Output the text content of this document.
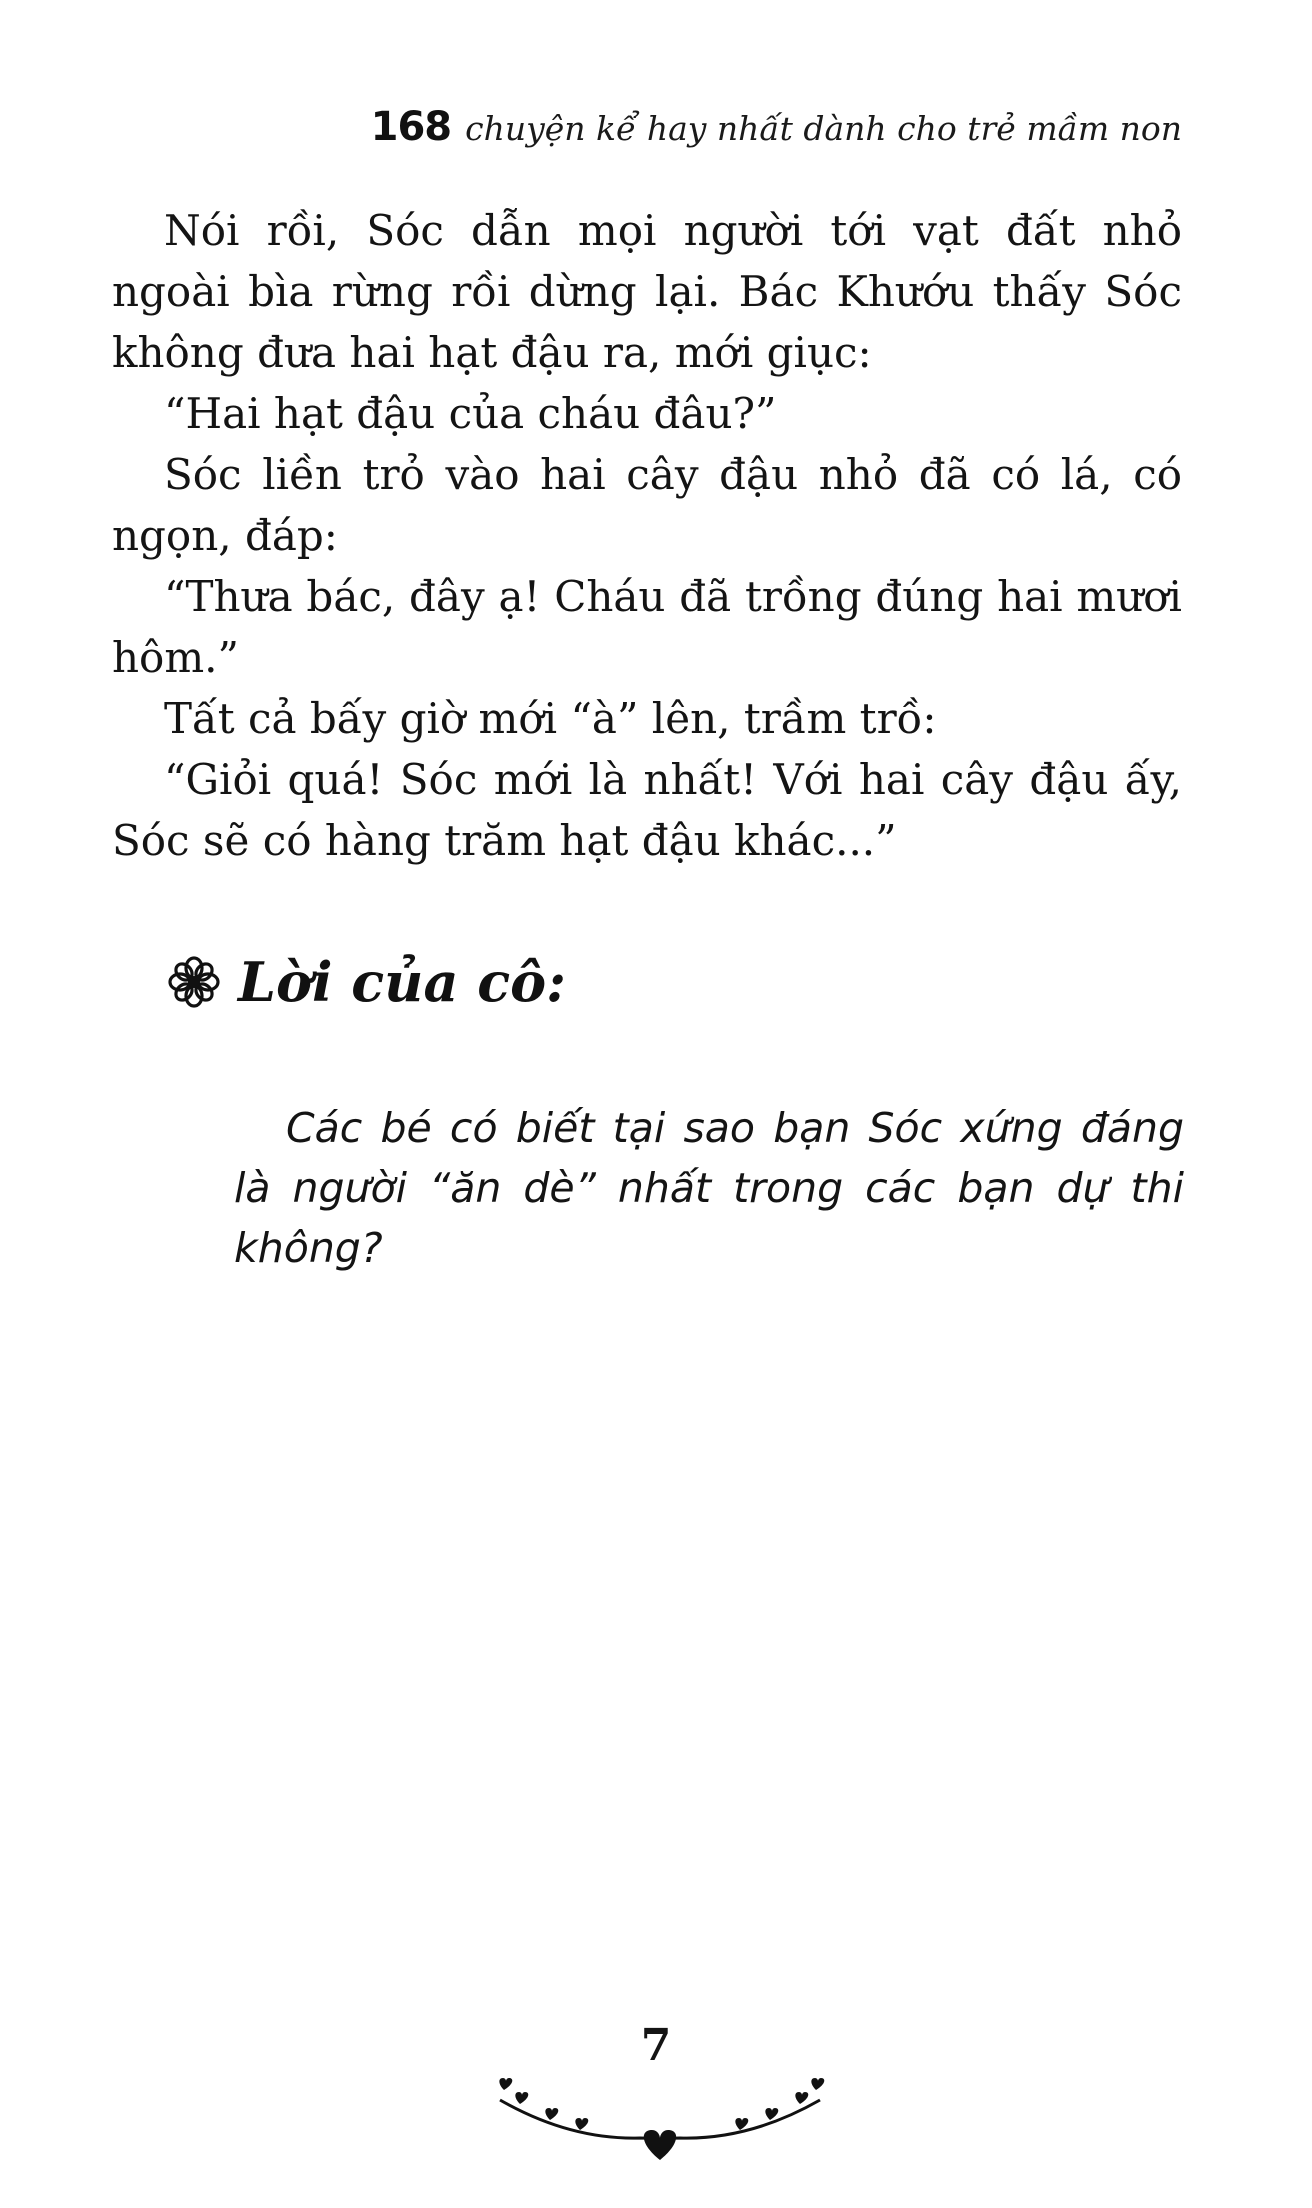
168 chuyện kể hay nhất dành cho trẻ mầm non

Nói rồi, Sóc dẫn mọi người tới vạt đất nhỏ ngoài bìa rừng rồi dừng lại. Bác Khướu thấy Sóc không đưa hai hạt đậu ra, mới giục:

“Hai hạt đậu của cháu đâu?”

Sóc liền trỏ vào hai cây đậu nhỏ đã có lá, có ngọn, đáp:

“Thưa bác, đây ạ! Cháu đã trồng đúng hai mươi hôm.”

Tất cả bấy giờ mới “à” lên, trầm trồ:

“Giỏi quá! Sóc mới là nhất! Với hai cây đậu ấy, Sóc sẽ có hàng trăm hạt đậu khác...”

Lời của cô:

Các bé có biết tại sao bạn Sóc xứng đáng là người “ăn dè” nhất trong các bạn dự thi không?

7
